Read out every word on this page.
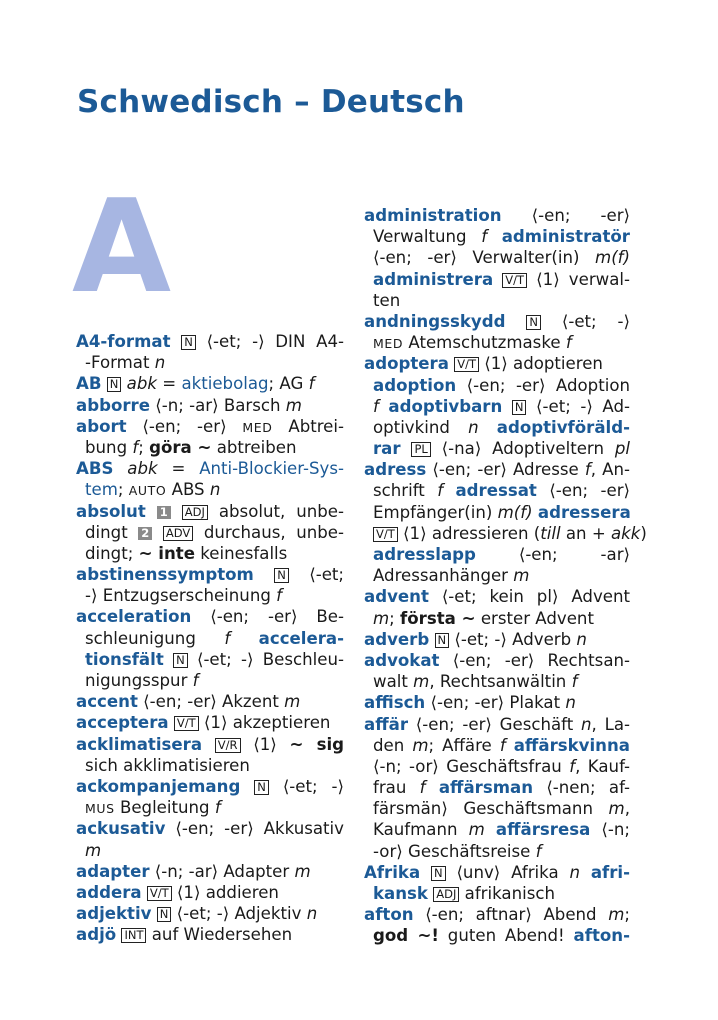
Schwedisch – Deutsch
A
A4-format N ⟨-et; -⟩ DIN A4-
-Format n
AB N abk = aktiebolag; AG f
abborre ⟨-n; -ar⟩ Barsch m
abort ⟨-en; -er⟩ MED Abtrei-
bung f; göra ~ abtreiben
ABS abk = Anti-Blockier-Sys-
tem; AUTO ABS n
absolut 1 ADJ absolut, unbe-
dingt 2 ADV durchaus, unbe-
dingt; ~ inte keinesfalls
abstinenssymptom N ⟨-et;
-⟩ Entzugserscheinung f
acceleration ⟨-en; -er⟩ Be-
schleunigung f accelera-
tionsfält N ⟨-et; -⟩ Beschleu-
nigungsspur f
accent ⟨-en; -er⟩ Akzent m
acceptera V/T ⟨1⟩ akzeptieren
acklimatisera V/R ⟨1⟩ ~ sig
sich akklimatisieren
ackompanjemang N ⟨-et; -⟩
MUS Begleitung f
ackusativ ⟨-en; -er⟩ Akkusativ
m
adapter ⟨-n; -ar⟩ Adapter m
addera V/T ⟨1⟩ addieren
adjektiv N ⟨-et; -⟩ Adjektiv n
adjö INT auf Wiedersehen
administration ⟨-en; -er⟩
Verwaltung f administratör
⟨-en; -er⟩ Verwalter(in) m(f)
administrera V/T ⟨1⟩ verwal-
ten
andningsskydd N ⟨-et; -⟩
MED Atemschutzmaske f
adoptera V/T ⟨1⟩ adoptieren
adoption ⟨-en; -er⟩ Adoption
f adoptivbarn N ⟨-et; -⟩ Ad-
optivkind n adoptivföräld-
rar PL ⟨-na⟩ Adoptiveltern pl
adress ⟨-en; -er⟩ Adresse f, An-
schrift f adressat ⟨-en; -er⟩
Empfänger(in) m(f) adressera
V/T ⟨1⟩ adressieren (till an + akk)
adresslapp ⟨-en; -ar⟩
Adressanhänger m
advent ⟨-et; kein pl⟩ Advent
m; första ~ erster Advent
adverb N ⟨-et; -⟩ Adverb n
advokat ⟨-en; -er⟩ Rechtsan-
walt m, Rechtsanwältin f
affisch ⟨-en; -er⟩ Plakat n
affär ⟨-en; -er⟩ Geschäft n, La-
den m; Affäre f affärskvinna
⟨-n; -or⟩ Geschäftsfrau f, Kauf-
frau f affärsman ⟨-nen; af-
färsmän⟩ Geschäftsmann m,
Kaufmann m affärsresa ⟨-n;
-or⟩ Geschäftsreise f
Afrika N ⟨unv⟩ Afrika n afri-
kansk ADJ afrikanisch
afton ⟨-en; aftnar⟩ Abend m;
god ~! guten Abend! afton-
